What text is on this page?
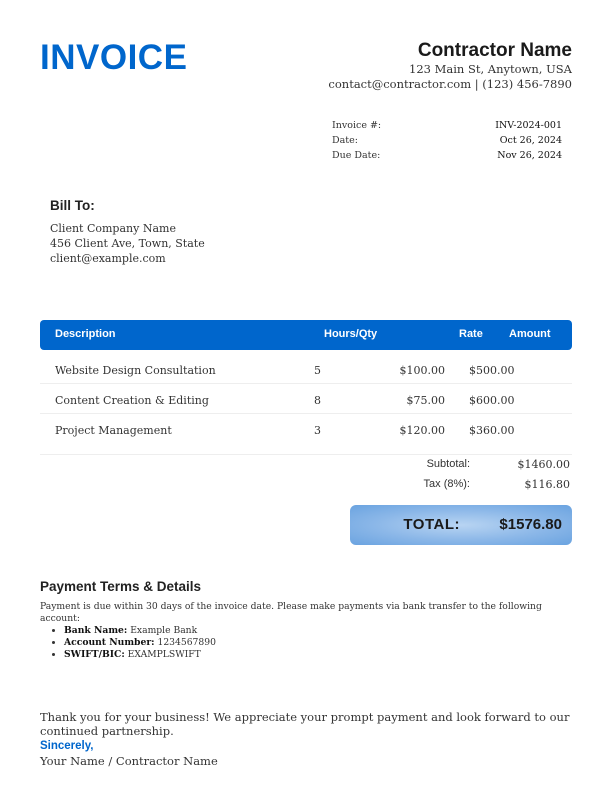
INVOICE	Contractor Name
123 Main St, Anytown, USA
contact@contractor.com | (123) 456-7890
Invoice #:	INV-2024-001
Date:	Oct 26, 2024
Due Date:	Nov 26, 2024
Bill To:
Client Company Name
456 Client Ave, Town, State
client@example.com
Description	Hours/Qty	Rate Amount
Website Design Consultation	5	$100.00 $500.00
Content Creation & Editing	8	$75.00 $600.00
Project Management	3	$120.00 $360.00
Subtotal:	$1460.00
Tax (8%):	$116.80
TOTAL:	$1576.80
Payment Terms & Details
Payment is due within 30 days of the invoice date. Please make payments via bank transfer to the following account:
• Bank Name: Example Bank
• Account Number: 1234567890
• SWIFT/BIC: EXAMPLSWIFT
Thank you for your business! We appreciate your prompt payment and look forward to our continued partnership.
Sincerely,
Your Name / Contractor Name
